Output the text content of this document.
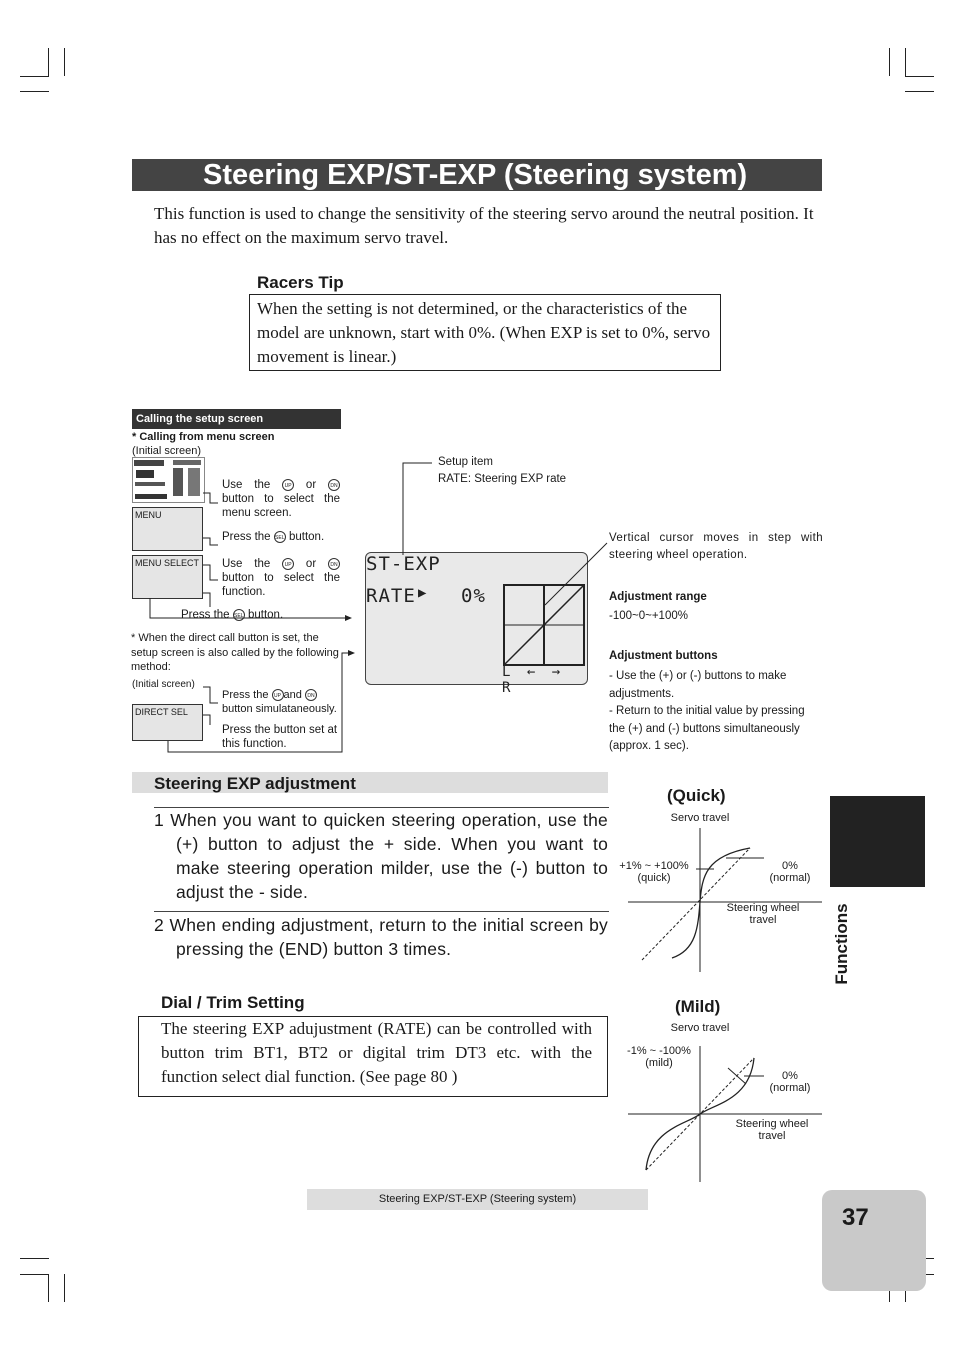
Steering EXP/ST-EXP (Steering system)
This function is used to change the sensitivity of the steering servo around the neutral position. It has no effect on the maximum servo travel.
Racers Tip
When the setting is not determined, or the characteristics of the model are unknown, start with 0%. (When EXP is set to 0%, servo movement is linear.)
Calling the setup screen
* Calling from menu screen
(Initial screen)
MENU
MENU SELECT
DIRECT SEL
Use the	UP or	DN button to select the menu screen.
Press the SEL button.
Use the	UP or	DN button to select the function.
Press the SEL button.
* When the direct call button is set, the setup screen is also called by the following method:
(Initial screen)
Press the UP and DN button simulataneously.
Press the button set at this function.
ST-EXP
RATE ▶ 0%
L ← → R
Setup item
RATE: Steering EXP rate
Vertical cursor moves in step with steering wheel operation.
Adjustment range
-100~0~+100%
Adjustment buttons
- Use the (+) or (-) buttons to make adjustments.
- Return to the initial value by pressing the (+) and (-) buttons simultaneously (approx. 1 sec).
Steering EXP adjustment
1 When you want to quicken steering operation, use the (+) button to adjust the + side. When you want to make steering operation milder, use the (-) button to adjust the - side.
2 When ending adjustment, return to the initial screen by pressing the (END) button 3 times.
Dial / Trim Setting
The steering EXP adujustment (RATE) can be controlled with button trim BT1, BT2 or digital trim DT3 etc. with the function select dial function. (See page 80 )
(Quick)
Servo travel
+1% ~ +100%
(quick)
0%
(normal)
Steering wheel
travel
(Mild)
Servo travel
-1% ~ -100%
(mild)
0%
(normal)
Steering wheel
travel
Functions
Steering EXP/ST-EXP (Steering system)
37
